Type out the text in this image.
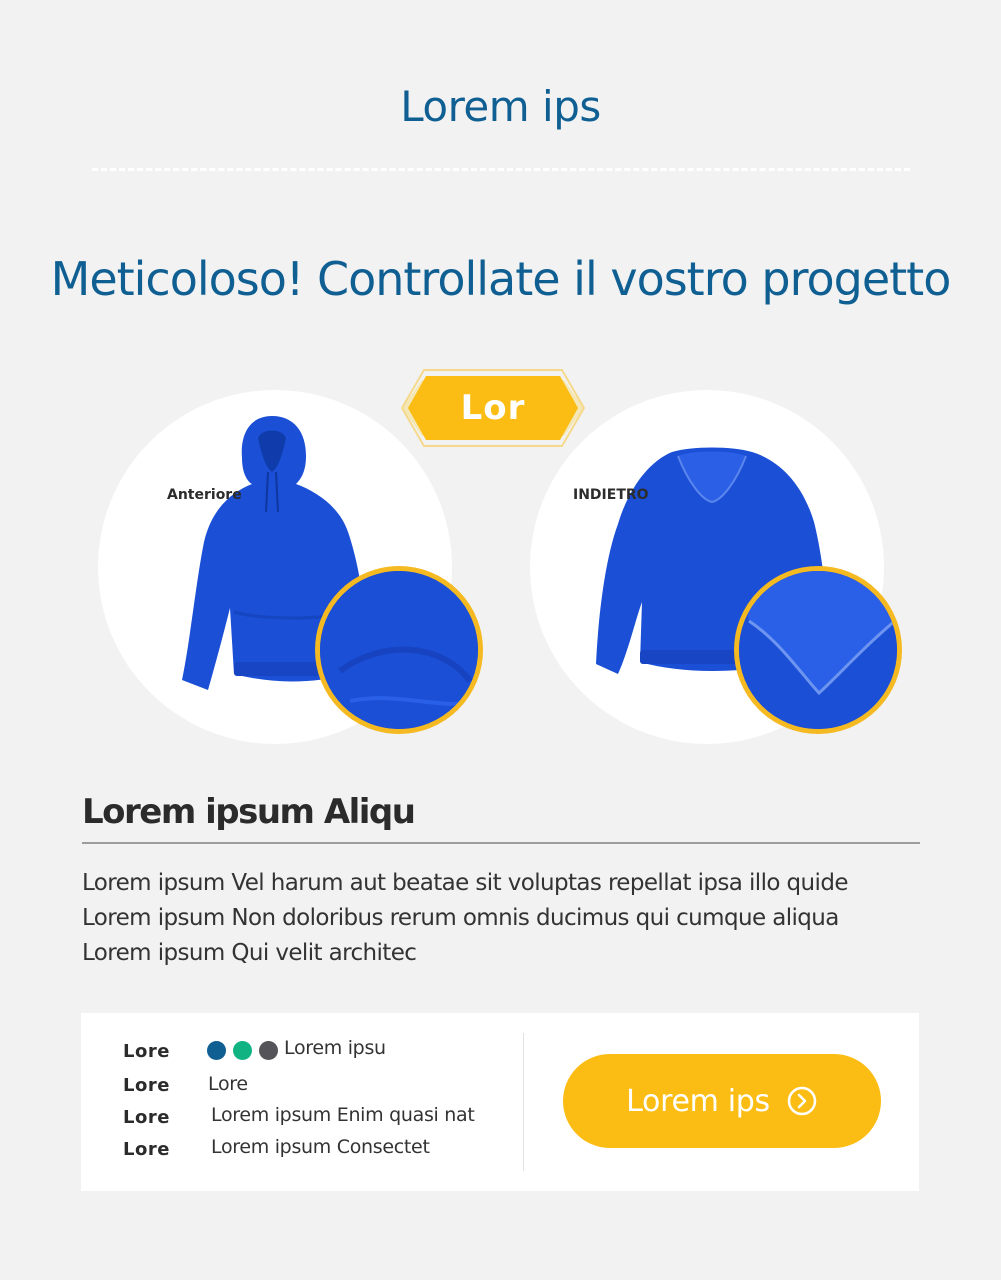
Lorem ips
Meticoloso! Controllate il vostro progetto
Anteriore	INDIETRO
Lor
Lorem ipsum Aliqu

Lorem ipsum Vel harum aut beatae sit voluptas repellat ipsa illo quide

Lorem ipsum Non doloribus rerum omnis ducimus qui cumque aliqua

Lorem ipsum Qui velit architec

Lore	Lorem ipsu
Lore Lore
Lore Lorem ipsum Enim quasi nat
Lore Lorem ipsum Consectet
Lorem ips
